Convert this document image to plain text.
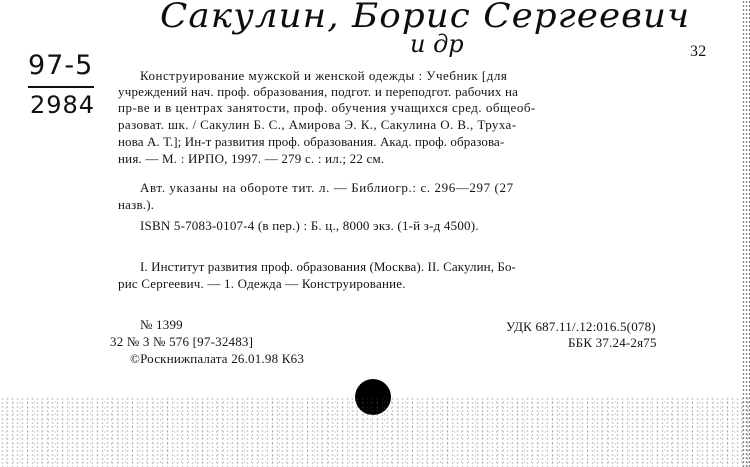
Сакулин, Борис Сергеевич
и др
97-5
2984
32
Конструирование мужской и женской одежды : Учебник [для
учреждений нач. проф. образования, подгот. и переподгот. рабочих на
пр-ве и в центрах занятости, проф. обучения учащихся сред. общеоб-
разоват. шк. / Сакулин Б. С., Амирова Э. К., Сакулина О. В., Труха-
нова А. Т.]; Ин-т развития проф. образования. Акад. проф. образова-
ния. — М. : ИРПО, 1997. — 279 с. : ил.; 22 см.
Авт. указаны на обороте тит. л. — Библиогр.: с. 296—297 (27
назв.).
ISBN 5-7083-0107-4 (в пер.) : Б. ц., 8000 экз. (1-й з-д 4500).
I. Институт развития проф. образования (Москва). II. Сакулин, Бо-
рис Сергеевич. — 1. Одежда — Конструирование.
№ 1399
32 № 3 № 576 [97-32483]
©Роскнижпалата 26.01.98 К63
УДК 687.11/.12:016.5(078)
ББК 37.24-2я75
